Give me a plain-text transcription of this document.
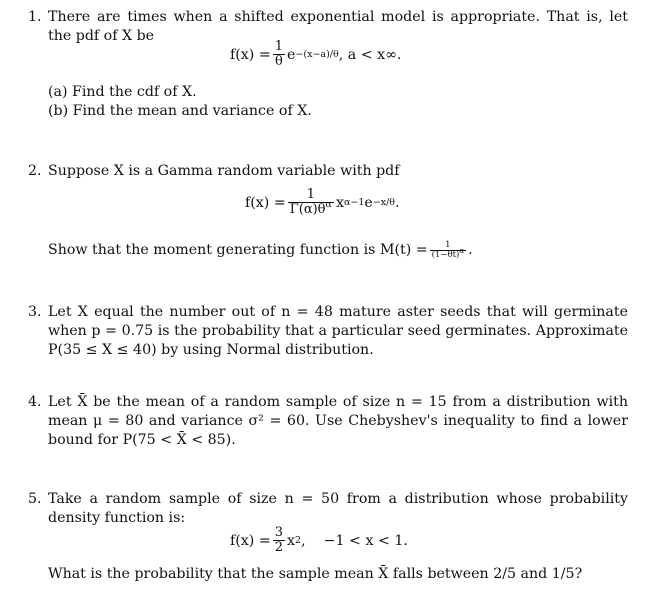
1. There are times when a shifted exponential model is appropriate. That is, let the pdf of X be
$f(x) = \frac{1}{\theta}$ e −(x−a)/θ , a < x∞.
(a) Find the cdf of X.
(b) Find the mean and variance of X.
2. Suppose X is a Gamma random variable with pdf
$f(x) = \frac{1}{\Gamma(\alpha)\theta^\alpha}$ x α−1 e −x/θ .
Show that the moment generating function is $M(t) = \frac{1}{(1-\theta t)^\alpha}$ .
3. Let X equal the number out of n = 48 mature aster seeds that will germinate when p = 0.75 is the probability that a particular seed germinates. Approximate P(35 ≤ X ≤ 40) by using Normal distribution.
4. Let X̄ be the mean of a random sample of size n = 15 from a distribution with mean μ = 80 and variance σ² = 60. Use Chebyshev's inequality to find a lower bound for P(75 < X̄ < 85).
5. Take a random sample of size n = 50 from a distribution whose probability density function is:
$f(x) = \frac{3}{2}$ x 2 ,    −1 < x < 1.
What is the probability that the sample mean X̄ falls between 2/5 and 1/5?
